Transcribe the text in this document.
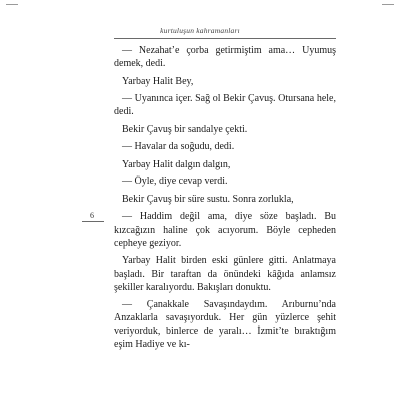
kurtuluşun kahramanları

— Nezahat’e çorba getirmiştim ama… Uyumuş demek, dedi.

Yarbay Halit Bey,

— Uyanınca içer. Sağ ol Bekir Çavuş. Otursana hele, dedi.

Bekir Çavuş bir sandalye çekti.

— Havalar da soğudu, dedi.

Yarbay Halit dalgın dalgın,

— Öyle, diye cevap verdi.

Bekir Çavuş bir süre sustu. Sonra zorlukla,

— Haddim değil ama, diye söze başladı. Bu kızcağızın haline çok acıyorum. Böyle cepheden cepheye geziyor.

Yarbay Halit birden eski günlere gitti. Anlatmaya başladı. Bir taraftan da önündeki kâğıda anlamsız şekiller karalıyordu. Bakışları donuktu.

— Çanakkale Savaşındaydım. Arıburnu’nda Anzaklarla savaşıyorduk. Her gün yüzlerce şehit veriyorduk, binlerce de yaralı… İzmit’te bıraktığım eşim Hadiye ve kı-

6
